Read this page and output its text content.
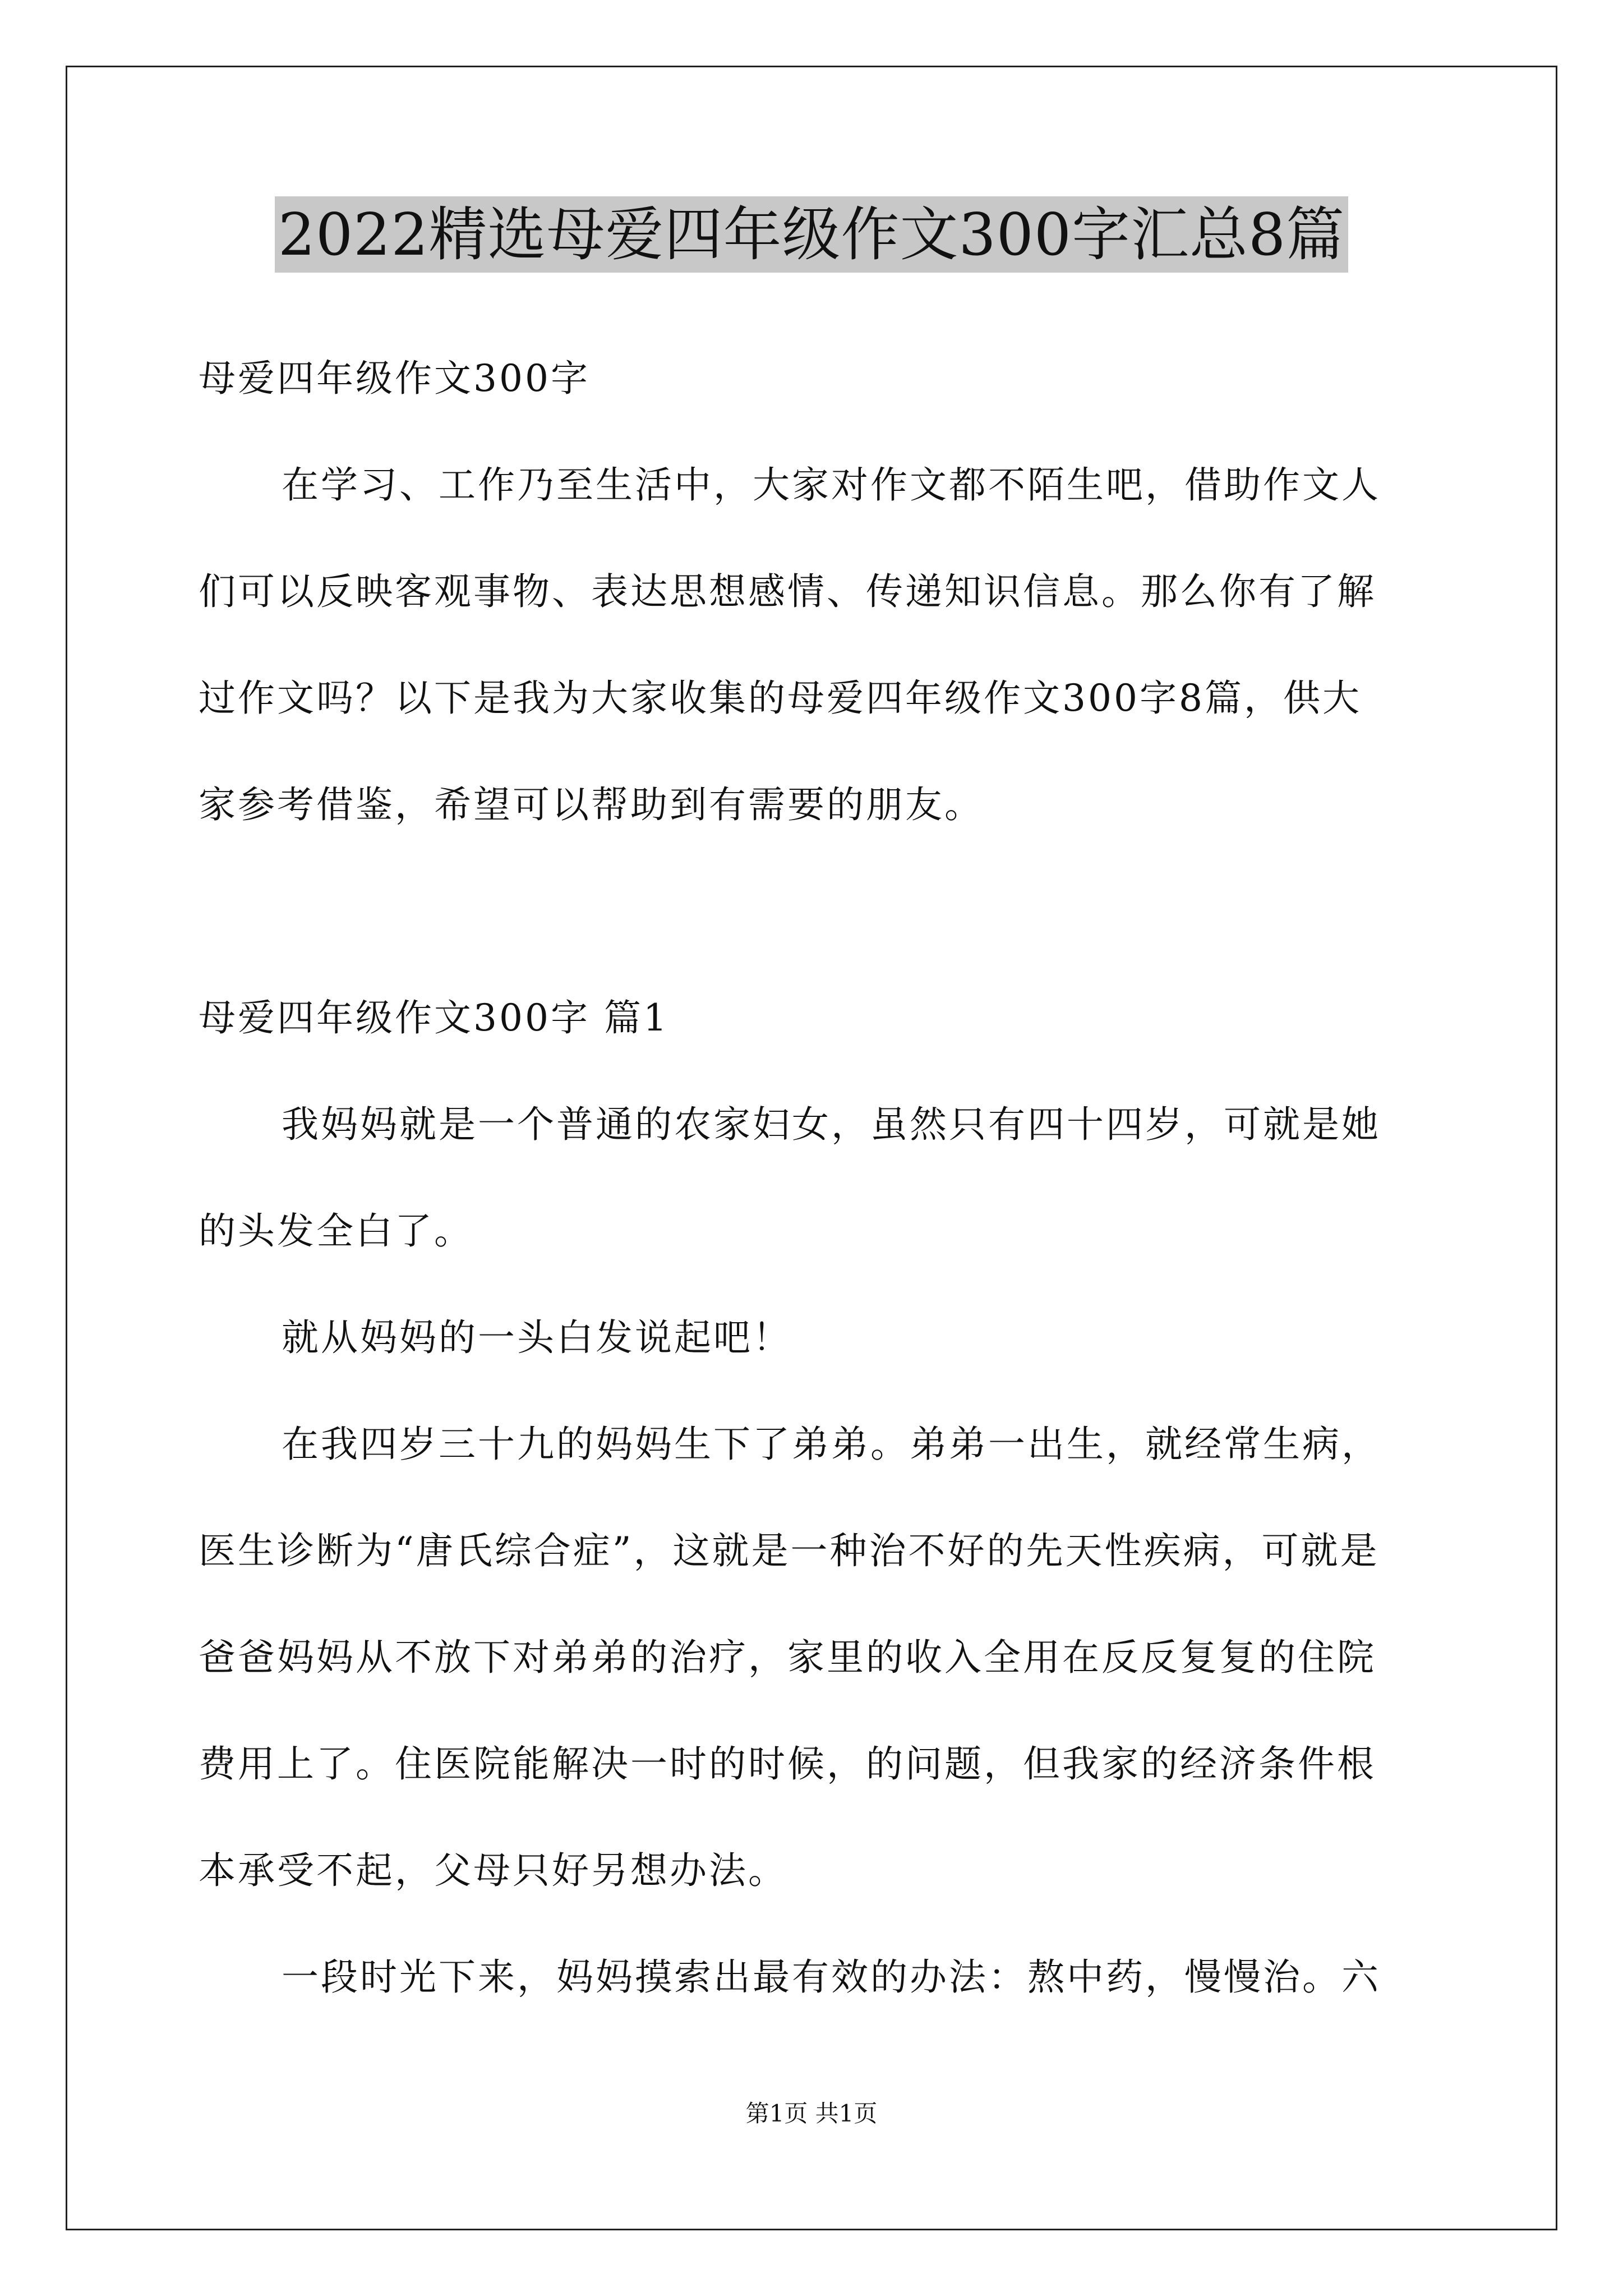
2022精选母爱四年级作文300字汇总8篇
母爱四年级作文300字
在学习、工作乃至生活中，大家对作文都不陌生吧，借助作文人
们可以反映客观事物、表达思想感情、传递知识信息。那么你有了解
过作文吗？以下是我为大家收集的母爱四年级作文300字8篇，供大
家参考借鉴，希望可以帮助到有需要的朋友。
母爱四年级作文300字 篇1
我妈妈就是一个普通的农家妇女，虽然只有四十四岁，可就是她
的头发全白了。
就从妈妈的一头白发说起吧！
在我四岁三十九的妈妈生下了弟弟。弟弟一出生，就经常生病，
医生诊断为“唐氏综合症”，这就是一种治不好的先天性疾病，可就是
爸爸妈妈从不放下对弟弟的治疗，家里的收入全用在反反复复的住院
费用上了。住医院能解决一时的时候，的问题，但我家的经济条件根
本承受不起，父母只好另想办法。
一段时光下来，妈妈摸索出最有效的办法：熬中药，慢慢治。六
第1页 共1页
